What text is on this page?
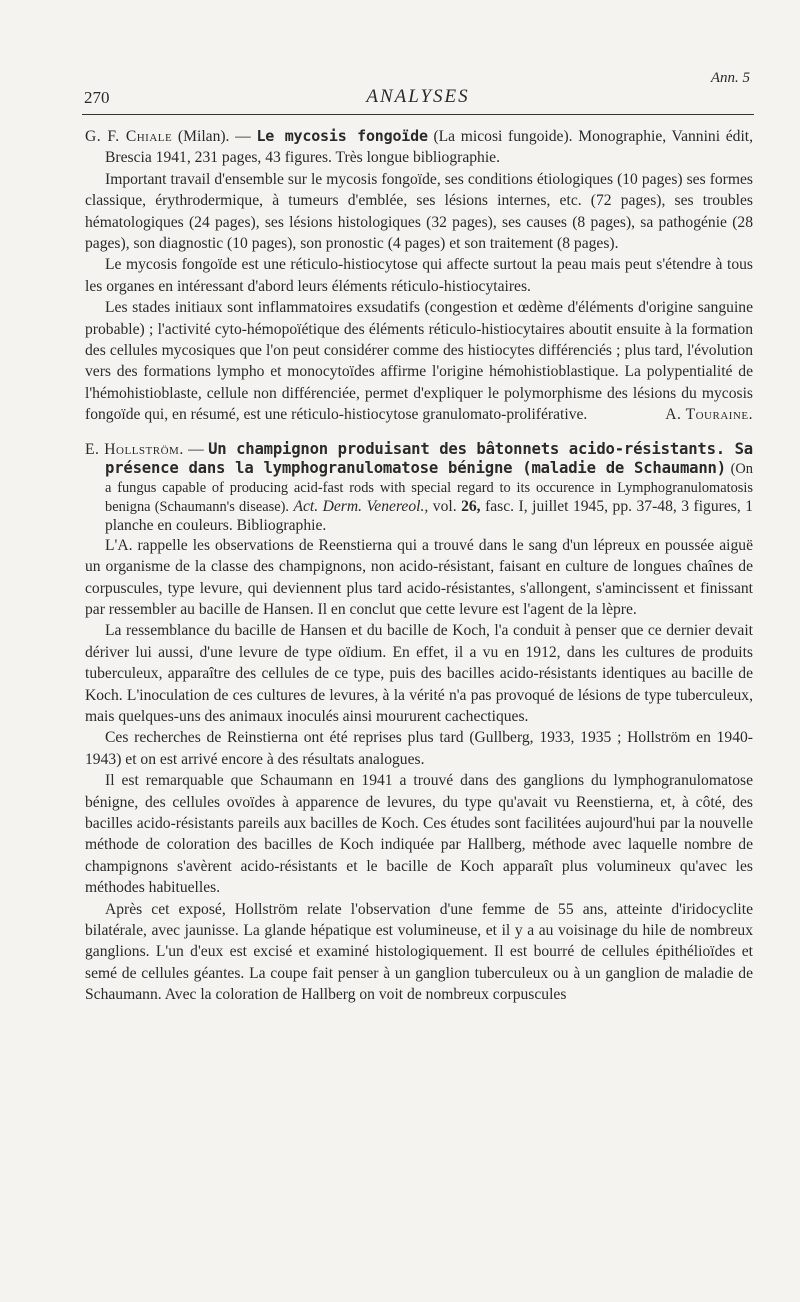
270	ANALYSES
Ann. 5

G. F. Chiale (Milan). — Le mycosis fongoïde (La micosi fungoide). Monographie, Vannini édit, Brescia 1941, 231 pages, 43 figures. Très longue bibliographie.

Important travail d'ensemble sur le mycosis fongoïde, ses conditions étiologiques (10 pages) ses formes classique, érythrodermique, à tumeurs d'emblée, ses lésions internes, etc. (72 pages), ses troubles hématologiques (24 pages), ses lésions histologiques (32 pages), ses causes (8 pages), sa pathogénie (28 pages), son diagnostic (10 pages), son pronostic (4 pages) et son traitement (8 pages).

Le mycosis fongoïde est une réticulo-histiocytose qui affecte surtout la peau mais peut s'étendre à tous les organes en intéressant d'abord leurs éléments réticulo-histiocytaires.

Les stades initiaux sont inflammatoires exsudatifs (congestion et œdème d'éléments d'origine sanguine probable) ; l'activité cyto-hémopoïétique des éléments réticulo-histiocytaires aboutit ensuite à la formation des cellules mycosiques que l'on peut considérer comme des histiocytes différenciés ; plus tard, l'évolution vers des formations lympho et monocytoïdes affirme l'origine hémohistioblastique. La polypentialité de l'hémohistioblaste, cellule non différenciée, permet d'expliquer le polymorphisme des lésions du mycosis fongoïde qui, en résumé, est une réticulo-histiocytose granulomato-proliférative.	A. Touraine.

E. Hollström. — Un champignon produisant des bâtonnets acido-résistants. Sa présence dans la lymphogranulomatose bénigne (maladie de Schaumann) (On a fungus capable of producing acid-fast rods with special regard to its occurence in Lymphogranulomatosis benigna (Schaumann's disease). Act. Derm. Venereol., vol. 26, fasc. I, juillet 1945, pp. 37-48, 3 figures, 1 planche en couleurs. Bibliographie.

L'A. rappelle les observations de Reenstierna qui a trouvé dans le sang d'un lépreux en poussée aiguë un organisme de la classe des champignons, non acido-résistant, faisant en culture de longues chaînes de corpuscules, type levure, qui deviennent plus tard acido-résistantes, s'allongent, s'amincissent et finissant par ressembler au bacille de Hansen. Il en conclut que cette levure est l'agent de la lèpre.

La ressemblance du bacille de Hansen et du bacille de Koch, l'a conduit à penser que ce dernier devait dériver lui aussi, d'une levure de type oïdium. En effet, il a vu en 1912, dans les cultures de produits tuberculeux, apparaître des cellules de ce type, puis des bacilles acido-résistants identiques au bacille de Koch. L'inoculation de ces cultures de levures, à la vérité n'a pas provoqué de lésions de type tuberculeux, mais quelques-uns des animaux inoculés ainsi moururent cachectiques.

Ces recherches de Reinstierna ont été reprises plus tard (Gullberg, 1933, 1935 ; Hollström en 1940-1943) et on est arrivé encore à des résultats analogues.

Il est remarquable que Schaumann en 1941 a trouvé dans des ganglions du lymphogranulomatose bénigne, des cellules ovoïdes à apparence de levures, du type qu'avait vu Reenstierna, et, à côté, des bacilles acido-résistants pareils aux bacilles de Koch. Ces études sont facilitées aujourd'hui par la nouvelle méthode de coloration des bacilles de Koch indiquée par Hallberg, méthode avec laquelle nombre de champignons s'avèrent acido-résistants et le bacille de Koch apparaît plus volumineux qu'avec les méthodes habituelles.

Après cet exposé, Hollström relate l'observation d'une femme de 55 ans, atteinte d'iridocyclite bilatérale, avec jaunisse. La glande hépatique est volumineuse, et il y a au voisinage du hile de nombreux ganglions. L'un d'eux est excisé et examiné histologiquement. Il est bourré de cellules épithélioïdes et semé de cellules géantes. La coupe fait penser à un ganglion tuberculeux ou à un ganglion de maladie de Schaumann. Avec la coloration de Hallberg on voit de nombreux corpuscules
